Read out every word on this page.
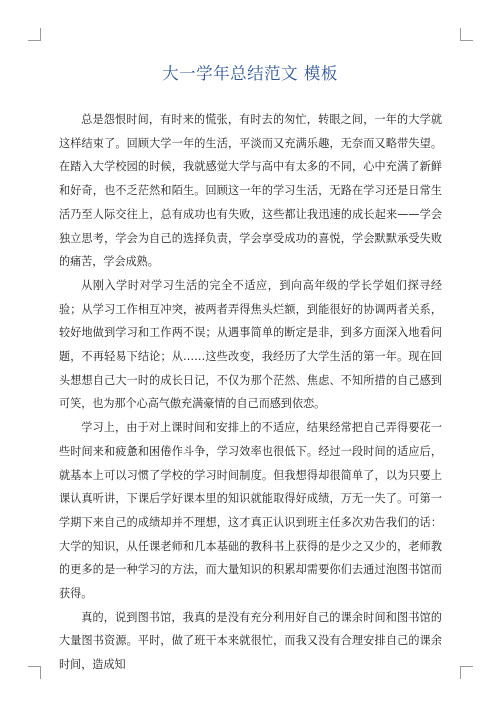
大一学年总结范文 模板

总是怨恨时间，有时来的慌张，有时去的匆忙，转眼之间，一年的大学就这样结束了。回顾大学一年的生活，平淡而又充满乐趣，无奈而又略带失望。在踏入大学校园的时候，我就感觉大学与高中有太多的不同，心中充满了新鲜和好奇，也不乏茫然和陌生。回顾这一年的学习生活，无路在学习还是日常生活乃至人际交往上，总有成功也有失败，这些都让我迅速的成长起来——学会独立思考，学会为自己的选择负责，学会享受成功的喜悦，学会默默承受失败的痛苦，学会成熟。

从刚入学时对学习生活的完全不适应，到向高年级的学长学姐们探寻经验；从学习工作相互冲突，被两者弄得焦头烂额，到能很好的协调两者关系，较好地做到学习和工作两不误；从遇事简单的断定是非，到多方面深入地看问题，不再轻易下结论；从……这些改变，我经历了大学生活的第一年。现在回头想想自己大一时的成长日记，不仅为那个茫然、焦虑、不知所措的自己感到可笑，也为那个心高气傲充满豪情的自己而感到依恋。

学习上，由于对上课时间和安排上的不适应，结果经常把自己弄得要花一些时间来和疲惫和困倦作斗争，学习效率也很低下。经过一段时间的适应后，就基本上可以习惯了学校的学习时间制度。但我想得却很简单了，以为只要上课认真听讲，下课后学好课本里的知识就能取得好成绩，万无一失了。可第一学期下来自己的成绩却并不理想，这才真正认识到班主任多次劝告我们的话：大学的知识，从任课老师和几本基础的教科书上获得的是少之又少的，老师教的更多的是一种学习的方法，而大量知识的积累却需要你们去通过泡图书馆而获得。

真的，说到图书馆，我真的是没有充分利用好自己的课余时间和图书馆的大量图书资源。平时，做了班干本来就很忙，而我又没有合理安排自己的课余时间，造成知
